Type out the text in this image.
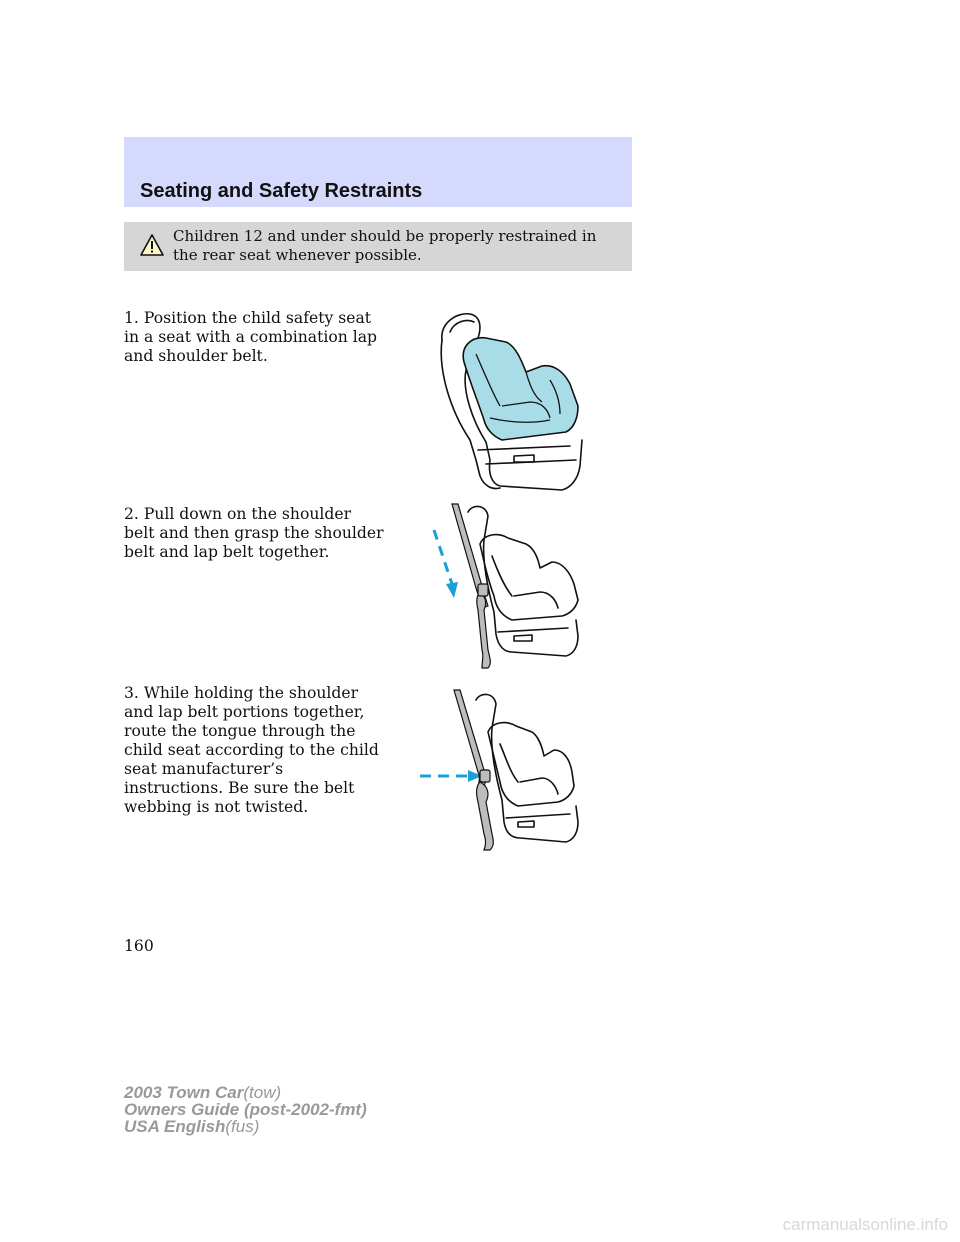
Seating and Safety Restraints

Children 12 and under should be properly restrained in the rear seat whenever possible.

1. Position the child safety seat in a seat with a combination lap and shoulder belt.

2. Pull down on the shoulder belt and then grasp the shoulder belt and lap belt together.

3. While holding the shoulder and lap belt portions together, route the tongue through the child seat according to the child seat manufacturer’s instructions. Be sure the belt webbing is not twisted.

160

2003 Town Car(tow)
Owners Guide (post-2002-fmt)
USA English(fus)
carmanualsonline.info
